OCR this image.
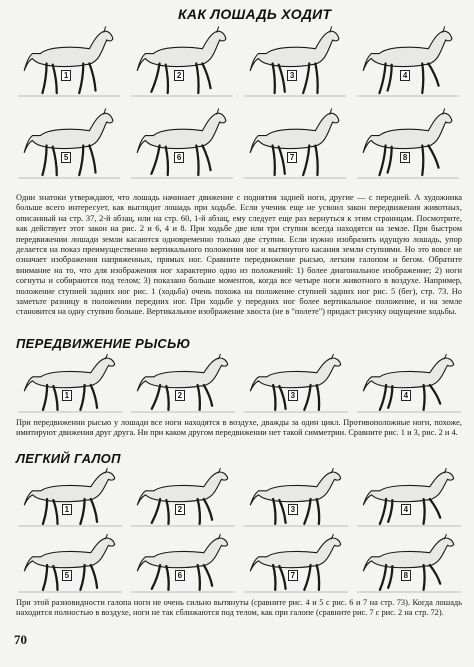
КАК ЛОШАДЬ ХОДИТ
1	2	3	4
5	6	7	8

Одни знатоки утверждают, что лошадь начинает движение с поднятия задней ноги, другие — с передней. А художника больше всего интересует, как выглядит лошадь при ходьбе. Если ученик еще не усвоил закон передвижения животных, описанный на стр. 37, 2-й абзац, или на стр. 60, 1-й абзац, ему следует еще раз вернуться к этим страницам. Посмотрите, как действует этот закон на рис. 2 и 6, 4 и 8. При ходьбе две или три ступни всегда находятся на земле. При быстром передвижении лошади земли касаются одновременно только две ступни. Если нужно изобразить идущую лошадь, упор делается на показ преимущественно вертикального положения ног и вытянутого касания земли ступнями. Но это вовсе не означает изображения напряженных, прямых ног. Сравните передвижение рысью, легким галопом и бегом. Обратите внимание на то, что для изображения ног характерно одно из положений: 1) более диагональное изображение; 2) ноги согнуты и собираются под телом; 3) показано больше моментов, когда все четыре ноги животного в воздухе. Например, положение ступней задних ног рис. 1 (ходьба) очень похожа на положение ступней задних ног рис. 5 (бег), стр. 73. Но заметьте разницу в положении передних ног. При ходьбе у передних ног более вертикальное положение, и на земле становится на одну ступню больше. Вертикальное изображение хвоста (не в "полете") придаст рисунку ощущение ходьбы.

ПЕРЕДВИЖЕНИЕ РЫСЬЮ
1	2	3	4

При передвижении рысью у лошади все ноги находятся в воздухе, дважды за один цикл. Противоположные ноги, похоже, имитируют движения друг друга. Ни при каком другом передвижении нет такой симметрии. Сравните рис. 1 и 3, рис. 2 и 4.

ЛЕГКИЙ ГАЛОП
1	2	3	4
5	6	7	8

При этой разновидности галопа ноги не очень сильно вытянуты (сравните рис. 4 и 5 с рис. 6 и 7 на стр. 73). Когда лошадь находится полностью в воздухе, ноги не так сближаются под телом, как при галопе (сравните рис. 7 с рис. 2 на стр. 72).

70
